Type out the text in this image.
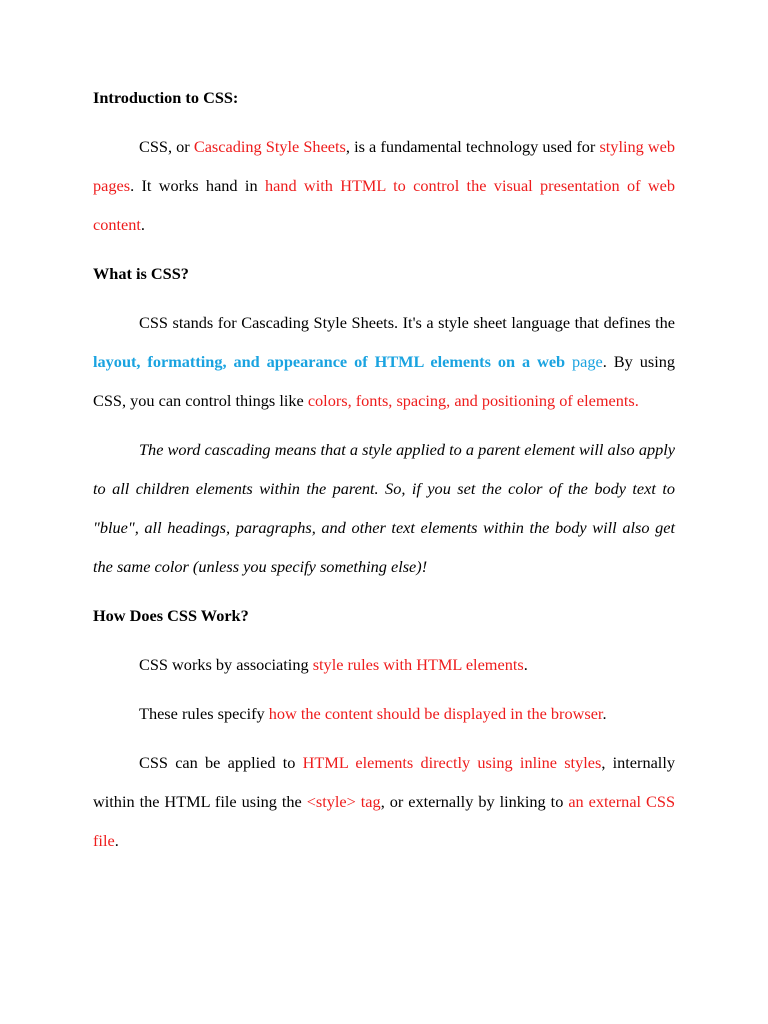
Introduction to CSS:
CSS, or Cascading Style Sheets, is a fundamental technology used for styling web pages. It works hand in hand with HTML to control the visual presentation of web content.
What is CSS?
CSS stands for Cascading Style Sheets. It's a style sheet language that defines the layout, formatting, and appearance of HTML elements on a web page. By using CSS, you can control things like colors, fonts, spacing, and positioning of elements.
The word cascading means that a style applied to a parent element will also apply to all children elements within the parent. So, if you set the color of the body text to "blue", all headings, paragraphs, and other text elements within the body will also get the same color (unless you specify something else)!
How Does CSS Work?
CSS works by associating style rules with HTML elements.
These rules specify how the content should be displayed in the browser.
CSS can be applied to HTML elements directly using inline styles, internally within the HTML file using the <style> tag, or externally by linking to an external CSS file.
